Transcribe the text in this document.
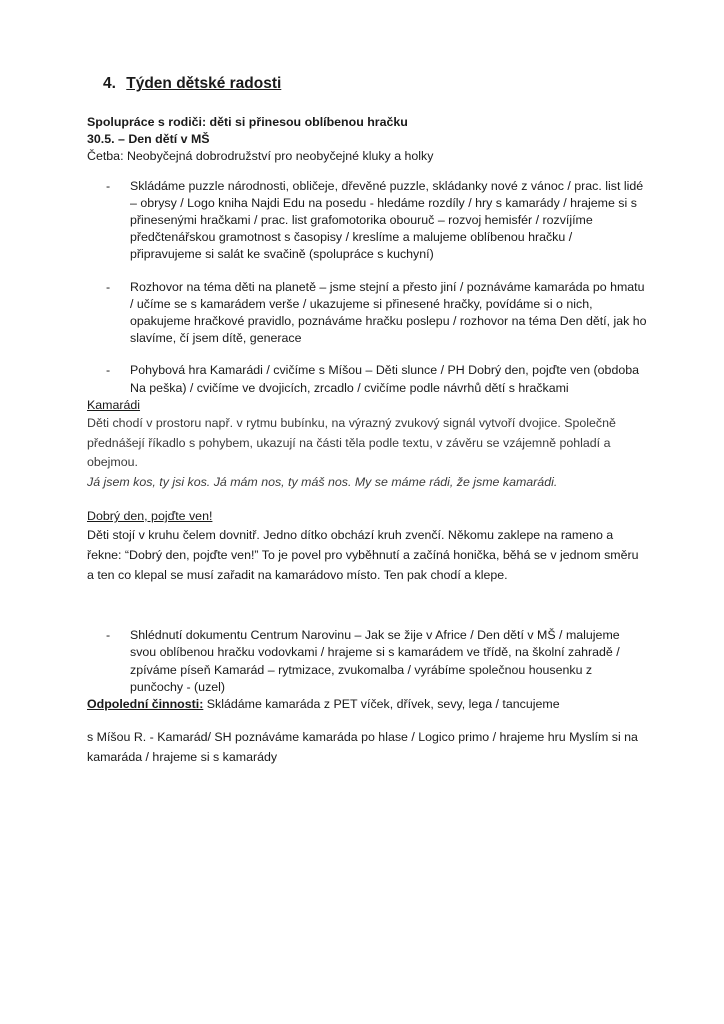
4. Týden dětské radosti

Spolupráce s rodiči: děti si přinesou oblíbenou hračku

30.5. – Den dětí v MŠ

Četba: Neobyčejná dobrodružství pro neobyčejné kluky a holky

- Skládáme puzzle národnosti, obličeje, dřevěné puzzle, skládanky nové z vánoc / prac. list lidé – obrysy / Logo kniha Najdi Edu na posedu - hledáme rozdíly / hry s kamarády / hrajeme si s přinesenými hračkami / prac. list grafomotorika obouruč – rozvoj hemisfér / rozvíjíme předčtenářskou gramotnost s časopisy / kreslíme a malujeme oblíbenou hračku / připravujeme si salát ke svačině (spolupráce s kuchyní)
- Rozhovor na téma děti na planetě – jsme stejní a přesto jiní / poznáváme kamaráda po hmatu / učíme se s kamarádem verše / ukazujeme si přinesené hračky, povídáme si o nich, opakujeme hračkové pravidlo, poznáváme hračku poslepu / rozhovor na téma Den dětí, jak ho slavíme, čí jsem dítě, generace
- Pohybová hra Kamarádi / cvičíme s Míšou – Děti slunce / PH Dobrý den, pojďte ven (obdoba Na peška) / cvičíme ve dvojicích, zrcadlo / cvičíme podle návrhů dětí s hračkami

Kamarádi

Děti chodí v prostoru např. v rytmu bubínku, na výrazný zvukový signál vytvoří dvojice. Společně přednášejí říkadlo s pohybem, ukazují na části těla podle textu, v závěru se vzájemně pohladí a obejmou.

Já jsem kos, ty jsi kos. Já mám nos, ty máš nos. My se máme rádi, že jsme kamarádi.

Dobrý den, pojďte ven!

Děti stojí v kruhu čelem dovnitř. Jedno dítko obchází kruh zvenčí. Někomu zaklepe na rameno a řekne: “Dobrý den, pojďte ven!” To je povel pro vyběhnutí a začíná honička, běhá se v jednom směru a ten co klepal se musí zařadit na kamarádovo místo. Ten pak chodí a klepe.

- Shlédnutí dokumentu Centrum Narovinu – Jak se žije v Africe / Den dětí v MŠ / malujeme svou oblíbenou hračku vodovkami / hrajeme si s kamarádem ve třídě, na školní zahradě / zpíváme píseň Kamarád – rytmizace, zvukomalba / vyrábíme společnou housenku z punčochy - (uzel)

Odpolední činnosti: Skládáme kamaráda z PET víček, dřívek, sevy, lega / tancujeme

s Míšou R. - Kamarád/ SH poznáváme kamaráda po hlase / Logico primo / hrajeme hru Myslím si na kamaráda / hrajeme si s kamarády
